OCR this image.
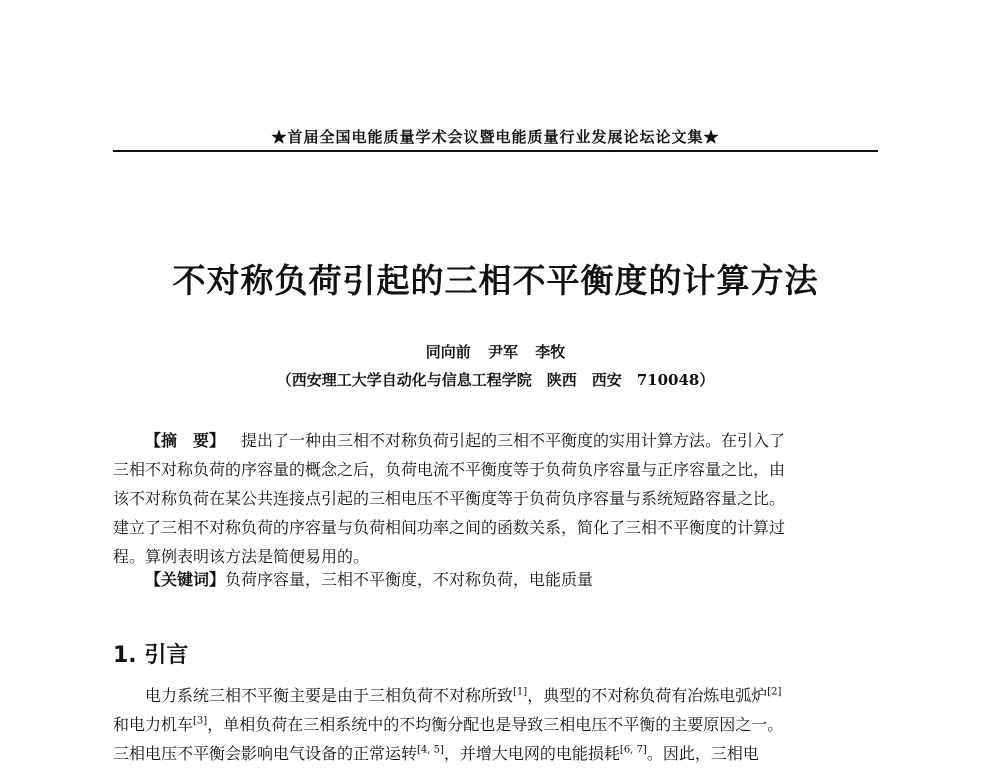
★首届全国电能质量学术会议暨电能质量行业发展论坛论文集★
不对称负荷引起的三相不平衡度的计算方法
同向前 尹军 李牧
（西安理工大学自动化与信息工程学院　陕西　西安　710048）
【摘　要】  提出了一种由三相不对称负荷引起的三相不平衡度的实用计算方法。在引入了
三相不对称负荷的序容量的概念之后，负荷电流不平衡度等于负荷负序容量与正序容量之比，由
该不对称负荷在某公共连接点引起的三相电压不平衡度等于负荷负序容量与系统短路容量之比。
建立了三相不对称负荷的序容量与负荷相间功率之间的函数关系，简化了三相不平衡度的计算过
程。算例表明该方法是简便易用的。
【关键词】负荷序容量，三相不平衡度，不对称负荷，电能质量
1. 引言
电力系统三相不平衡主要是由于三相负荷不对称所致[1]，典型的不对称负荷有冶炼电弧炉[2]
和电力机车[3]，单相负荷在三相系统中的不均衡分配也是导致三相电压不平衡的主要原因之一。
三相电压不平衡会影响电气设备的正常运转[4, 5]，并增大电网的电能损耗[6, 7]。因此，三相电
